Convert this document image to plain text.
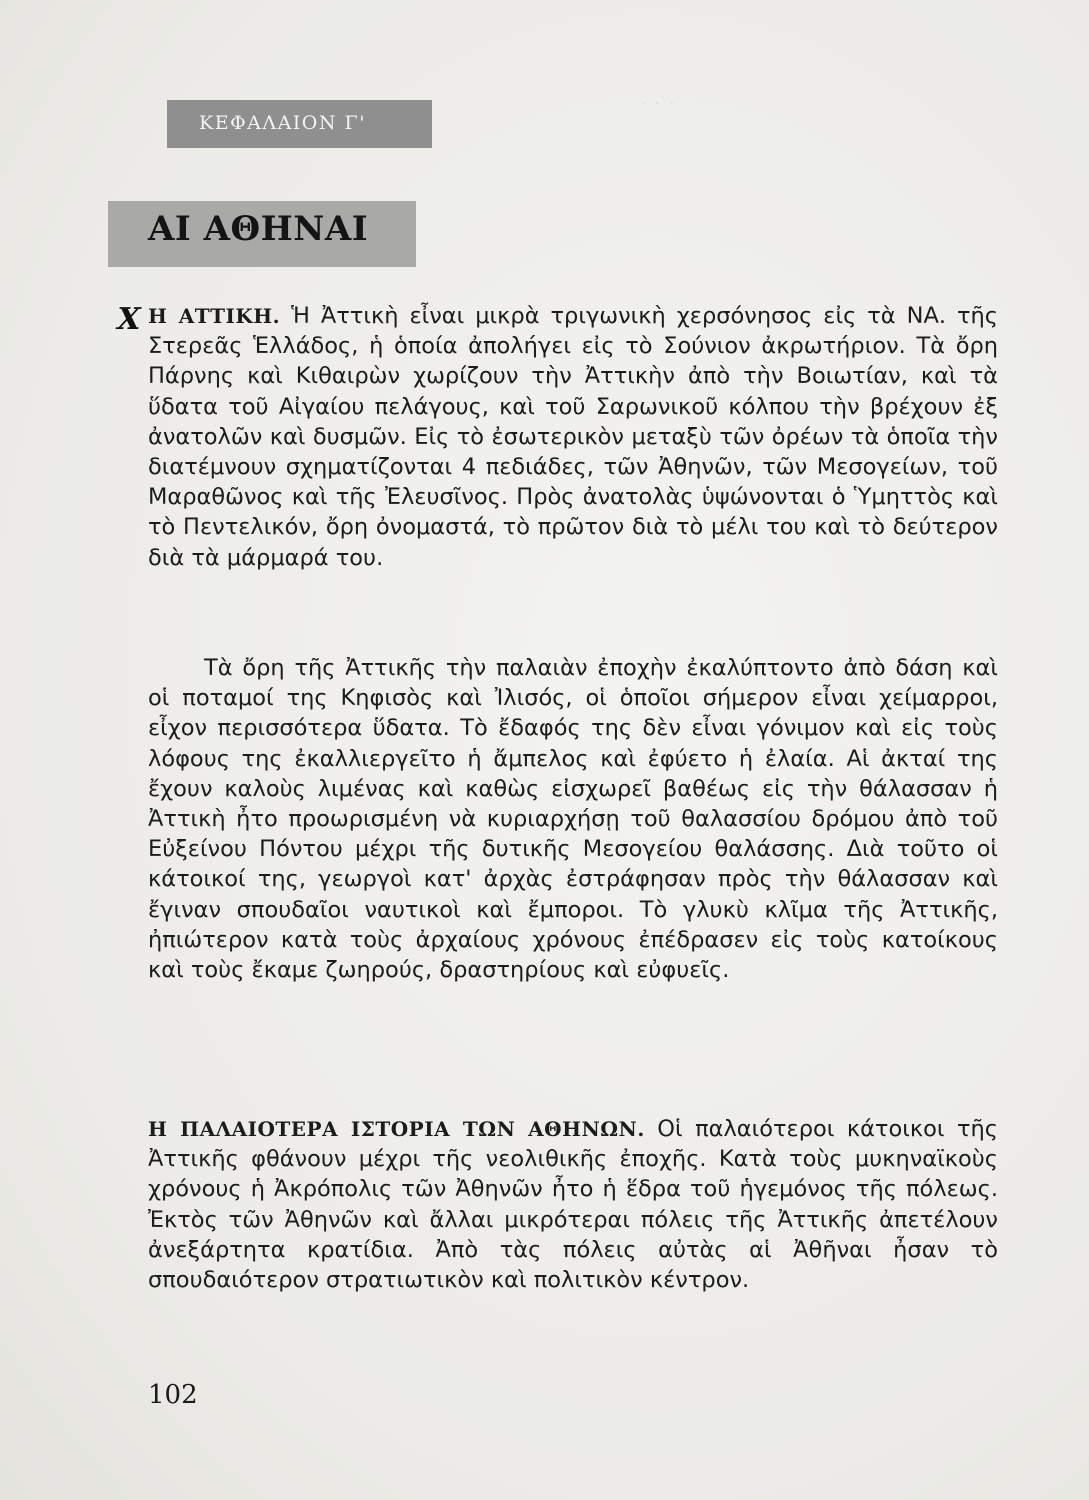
· · ·
ΚΕΦΑΛΑΙΟΝ Γ'
ΑΙ ΑΘΗΝΑΙ
X Η ΑΤΤΙΚΗ. Ἡ Ἀττικὴ εἶναι μικρὰ τριγωνικὴ χερσόνησος εἰς τὰ ΝΑ. τῆς Στερεᾶς Ἑλλάδος, ἡ ὁποία ἀπολήγει εἰς τὸ Σούνιον ἀκρωτήριον. Τὰ ὄρη Πάρνης καὶ Κιθαιρὼν χωρίζουν τὴν Ἀττικὴν ἀπὸ τὴν Βοιωτίαν, καὶ τὰ ὕδατα τοῦ Αἰγαίου πελάγους, καὶ τοῦ Σαρωνικοῦ κόλπου τὴν βρέχουν ἐξ ἀνατολῶν καὶ δυσμῶν. Εἰς τὸ ἐσωτερικὸν μεταξὺ τῶν ὀρέων τὰ ὁποῖα τὴν διατέμνουν σχηματίζονται 4 πεδιάδες, τῶν Ἀθηνῶν, τῶν Μεσογείων, τοῦ Μαραθῶνος καὶ τῆς Ἐλευσῖνος. Πρὸς ἀνατολὰς ὑψώνονται ὁ Ὑμηττὸς καὶ τὸ Πεντελικόν, ὄρη ὀνομαστά, τὸ πρῶτον διὰ τὸ μέλι του καὶ τὸ δεύτερον διὰ τὰ μάρμαρά του.

Τὰ ὄρη τῆς Ἀττικῆς τὴν παλαιὰν ἐποχὴν ἐκαλύπτοντο ἀπὸ δάση καὶ οἱ ποταμοί της Κηφισὸς καὶ Ἰλισός, οἱ ὁποῖοι σήμερον εἶναι χείμαρροι, εἶχον περισσότερα ὕδατα. Τὸ ἔδαφός της δὲν εἶναι γόνιμον καὶ εἰς τοὺς λόφους της ἐκαλλιεργεῖτο ἡ ἄμπελος καὶ ἐφύετο ἡ ἐλαία. Αἱ ἀκταί της ἔχουν καλοὺς λιμένας καὶ καθὼς εἰσχωρεῖ βαθέως εἰς τὴν θάλασσαν ἡ Ἀττικὴ ἦτο προωρισμένη νὰ κυριαρχήσῃ τοῦ θαλασσίου δρόμου ἀπὸ τοῦ Εὐξείνου Πόντου μέχρι τῆς δυτικῆς Μεσογείου θαλάσσης. Διὰ τοῦτο οἱ κάτοικοί της, γεωργοὶ κατ' ἀρχὰς ἐστράφησαν πρὸς τὴν θάλασσαν καὶ ἔγιναν σπουδαῖοι ναυτικοὶ καὶ ἔμποροι. Τὸ γλυκὺ κλῖμα τῆς Ἀττικῆς, ἠπιώτερον κατὰ τοὺς ἀρχαίους χρόνους ἐπέδρασεν εἰς τοὺς κατοίκους καὶ τοὺς ἔκαμε ζωηρούς, δραστηρίους καὶ εὐφυεῖς.

Η ΠΑΛΑΙΟΤΕΡΑ ΙΣΤΟΡΙΑ ΤΩΝ ΑΘΗΝΩΝ. Οἱ παλαιότεροι κάτοικοι τῆς Ἀττικῆς φθάνουν μέχρι τῆς νεολιθικῆς ἐποχῆς. Κατὰ τοὺς μυκηναϊκοὺς χρόνους ἡ Ἀκρόπολις τῶν Ἀθηνῶν ἦτο ἡ ἕδρα τοῦ ἡγεμόνος τῆς πόλεως. Ἐκτὸς τῶν Ἀθηνῶν καὶ ἄλλαι μικρότεραι πόλεις τῆς Ἀττικῆς ἀπετέλουν ἀνεξάρτητα κρατίδια. Ἀπὸ τὰς πόλεις αὐτὰς αἱ Ἀθῆναι ἦσαν τὸ σπουδαιότερον στρατιωτικὸν καὶ πολιτικὸν κέντρον.

102
